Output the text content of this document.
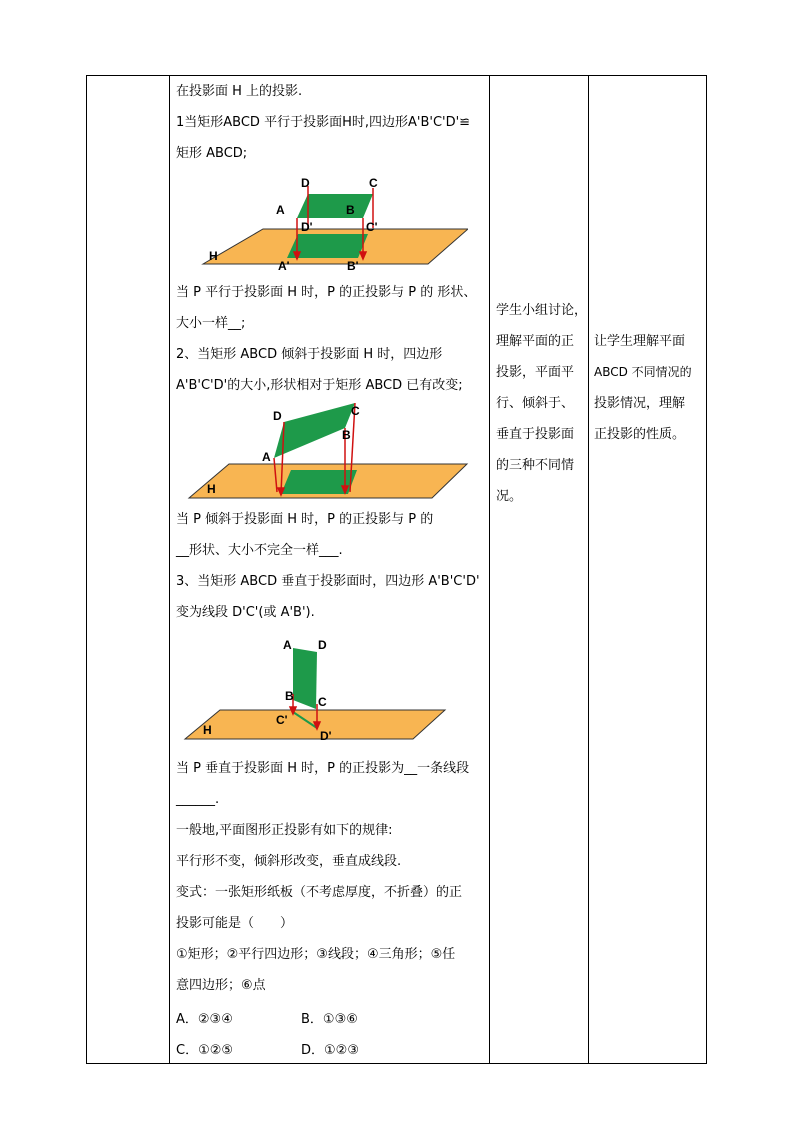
在投影面 H 上的投影.
1当矩形ABCD 平行于投影面H时,四边形A'B'C'D'≌
矩形 ABCD;
H
D	C
A	B
D'	C'
A'	B'
当 P 平行于投影面 H 时，P 的正投影与 P 的 形状、
大小一样__;
2、当矩形 ABCD 倾斜于投影面 H 时，四边形
A'B'C'D'的大小,形状相对于矩形 ABCD 已有改变;
H
D	C
A
B
当 P 倾斜于投影面 H 时，P 的正投影与 P 的
__形状、大小不完全一样___.
3、当矩形 ABCD 垂直于投影面时，四边形 A'B'C'D'
变为线段 D'C'(或 A'B').
H
A D
B C
C'
D'
当 P 垂直于投影面 H 时，P 的正投影为__一条线段
______.
一般地,平面图形正投影有如下的规律:
平行形不变，倾斜形改变，垂直成线段.
变式：一张矩形纸板（不考虑厚度，不折叠）的正
投影可能是（　　）
①矩形；②平行四边形；③线段；④三角形；⑤任
意四边形；⑥点
A．②③④	B．①③⑥
C．①②⑤	D．①②③
学生小组讨论，
理解平面的正
投影，平面平
行、倾斜于、
垂直于投影面
的三种不同情
况。
让学生理解平面
ABCD 不同情况的
投影情况，理解
正投影的性质。
